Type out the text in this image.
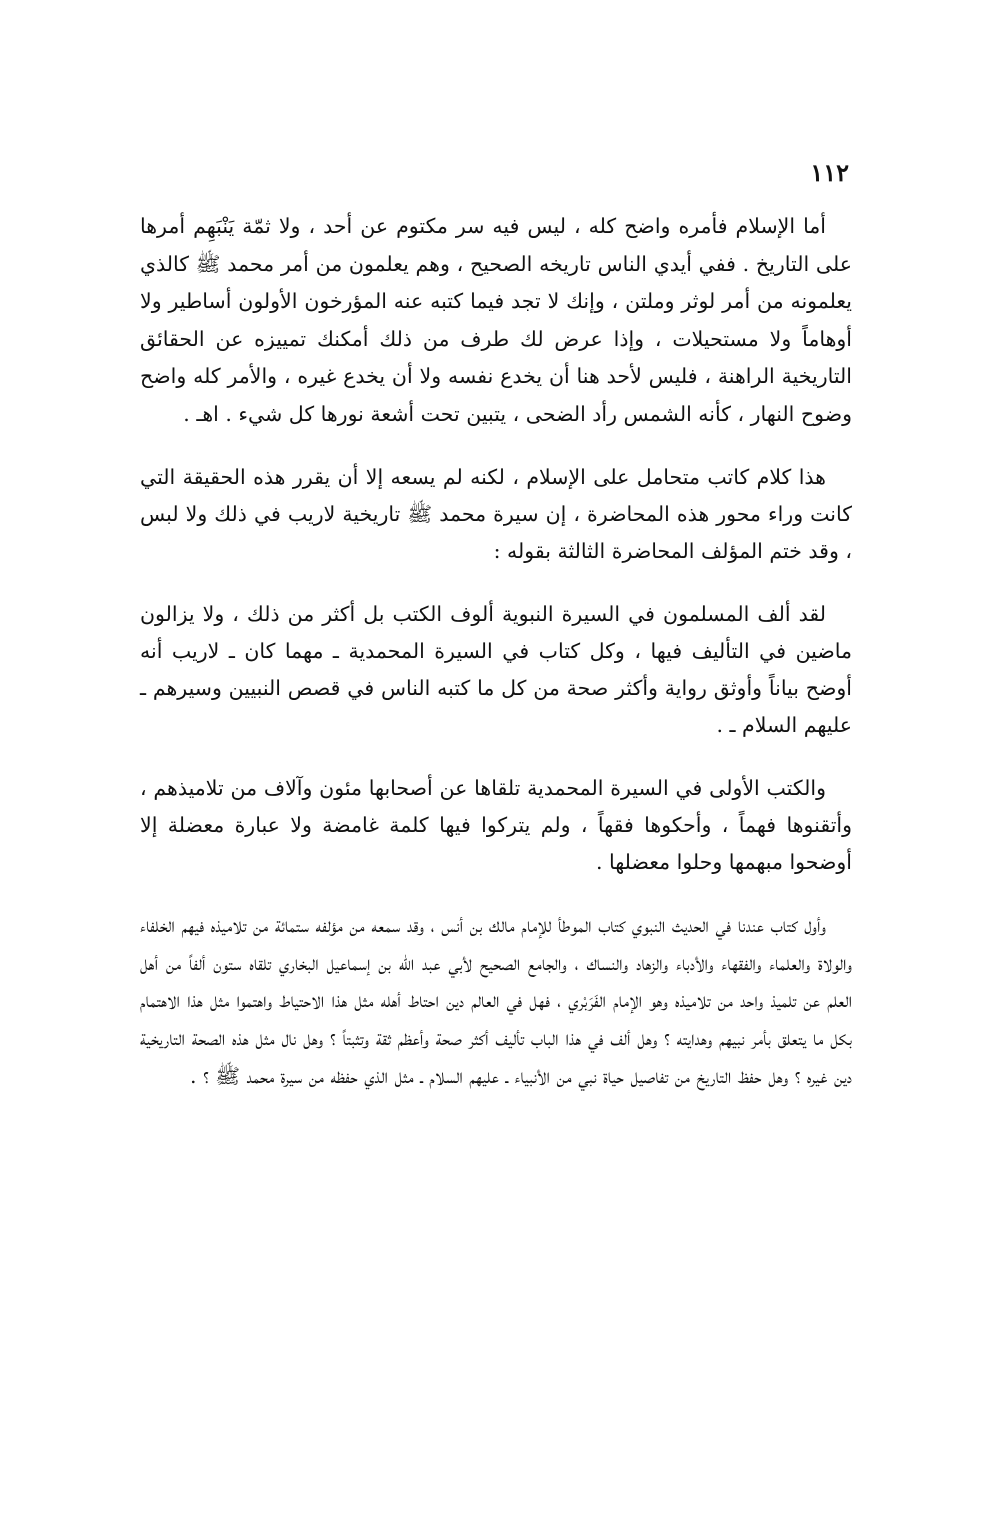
١١٢

أما الإسلام فأمره واضح كله ، ليس فيه سر مكتوم عن أحد ، ولا ثمّة يَنْبَهِم أمرها على التاريخ . ففي أيدي الناس تاريخه الصحيح ، وهم يعلمون من أمر محمد ﷺ كالذي يعلمونه من أمر لوثر وملتن ، وإنك لا تجد فيما كتبه عنه المؤرخون الأولون أساطير ولا أوهاماً ولا مستحيلات ، وإذا عرض لك طرف من ذلك أمكنك تمييزه عن الحقائق التاريخية الراهنة ، فليس لأحد هنا أن يخدع نفسه ولا أن يخدع غيره ، والأمر كله واضح وضوح النهار ، كأنه الشمس رأد الضحى ، يتبين تحت أشعة نورها كل شيء . اهـ .

هذا كلام كاتب متحامل على الإسلام ، لكنه لم يسعه إلا أن يقرر هذه الحقيقة التي كانت وراء محور هذه المحاضرة ، إن سيرة محمد ﷺ تاريخية لاريب في ذلك ولا لبس ، وقد ختم المؤلف المحاضرة الثالثة بقوله :

لقد ألف المسلمون في السيرة النبوية ألوف الكتب بل أكثر من ذلك ، ولا يزالون ماضين في التأليف فيها ، وكل كتاب في السيرة المحمدية ـ مهما كان ـ لاريب أنه أوضح بياناً وأوثق رواية وأكثر صحة من كل ما كتبه الناس في قصص النبيين وسيرهم ـ عليهم السلام ـ .

والكتب الأولى في السيرة المحمدية تلقاها عن أصحابها مئون وآلاف من تلاميذهم ، وأتقنوها فهماً ، وأحكوها فقهاً ، ولم يتركوا فيها كلمة غامضة ولا عبارة معضلة إلا أوضحوا مبهمها وحلوا معضلها .

وأول كتاب عندنا في الحديث النبوي كتاب الموطأ للإمام مالك بن أنس ، وقد سمعه من مؤلفه ستمائة من تلاميذه فيهم الخلفاء والولاة والعلماء والفقهاء والأدباء والزهاد والنساك ، والجامع الصحيح لأبي عبد الله بن إسماعيل البخاري تلقاه ستون ألفاً من أهل العلم عن تلميذ واحد من تلاميذه وهو الإمام الفَرَبْري ، فهل في العالم دين احتاط أهله مثل هذا الاحتياط واهتموا مثل هذا الاهتمام بكل ما يتعلق بأمر نبيهم وهدايته ؟ وهل ألف في هذا الباب تأليف أكثر صحة وأعظم ثقة وتثبتاً ؟ وهل نال مثل هذه الصحة التاريخية دين غيره ؟ وهل حفظ التاريخ من تفاصيل حياة نبي من الأنبياء ـ عليهم السلام ـ مثل الذي حفظه من سيرة محمد ﷺ ؟ .
